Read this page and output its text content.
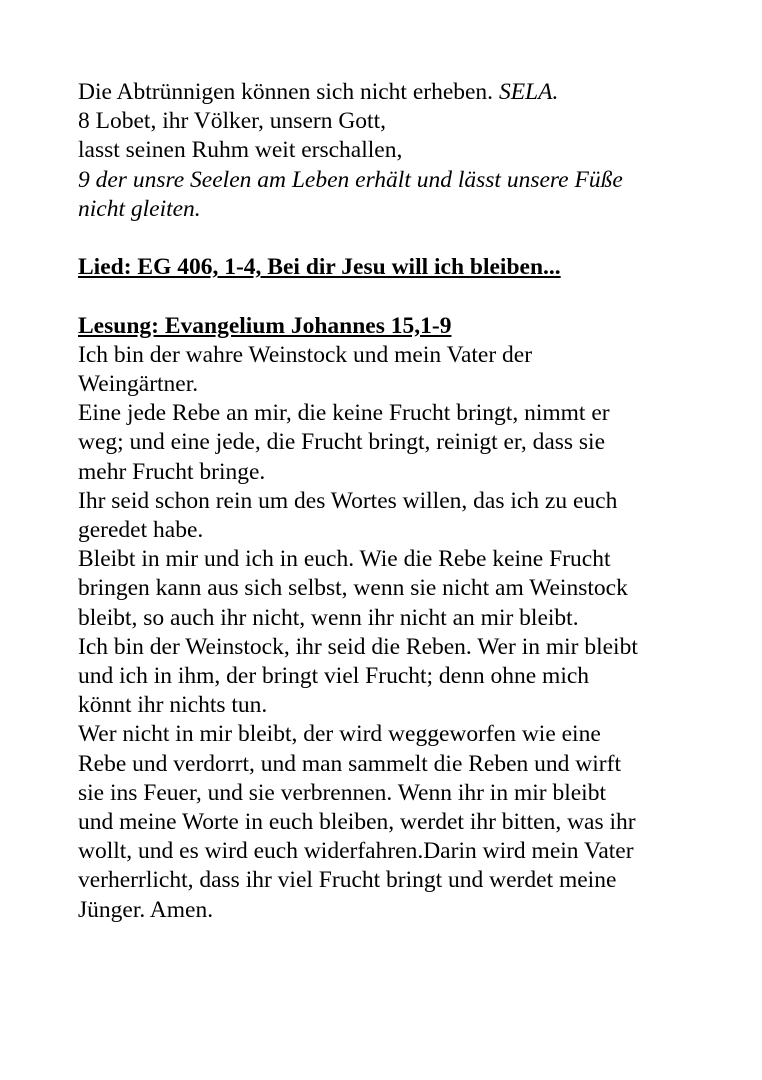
Die Abtrünnigen können sich nicht erheben. SELA.
8 Lobet, ihr Völker, unsern Gott,
lasst seinen Ruhm weit erschallen,
9 der unsre Seelen am Leben erhält und lässt unsere Füße
nicht gleiten.
Lied: EG 406, 1-4, Bei dir Jesu will ich bleiben...
Lesung: Evangelium Johannes 15,1-9
Ich bin der wahre Weinstock und mein Vater der
Weingärtner.
Eine jede Rebe an mir, die keine Frucht bringt, nimmt er
weg; und eine jede, die Frucht bringt, reinigt er, dass sie
mehr Frucht bringe.
Ihr seid schon rein um des Wortes willen, das ich zu euch
geredet habe.
Bleibt in mir und ich in euch. Wie die Rebe keine Frucht
bringen kann aus sich selbst, wenn sie nicht am Weinstock
bleibt, so auch ihr nicht, wenn ihr nicht an mir bleibt.
Ich bin der Weinstock, ihr seid die Reben. Wer in mir bleibt
und ich in ihm, der bringt viel Frucht; denn ohne mich
könnt ihr nichts tun.
Wer nicht in mir bleibt, der wird weggeworfen wie eine
Rebe und verdorrt, und man sammelt die Reben und wirft
sie ins Feuer, und sie verbrennen. Wenn ihr in mir bleibt
und meine Worte in euch bleiben, werdet ihr bitten, was ihr
wollt, und es wird euch widerfahren.Darin wird mein Vater
verherrlicht, dass ihr viel Frucht bringt und werdet meine
Jünger. Amen.
